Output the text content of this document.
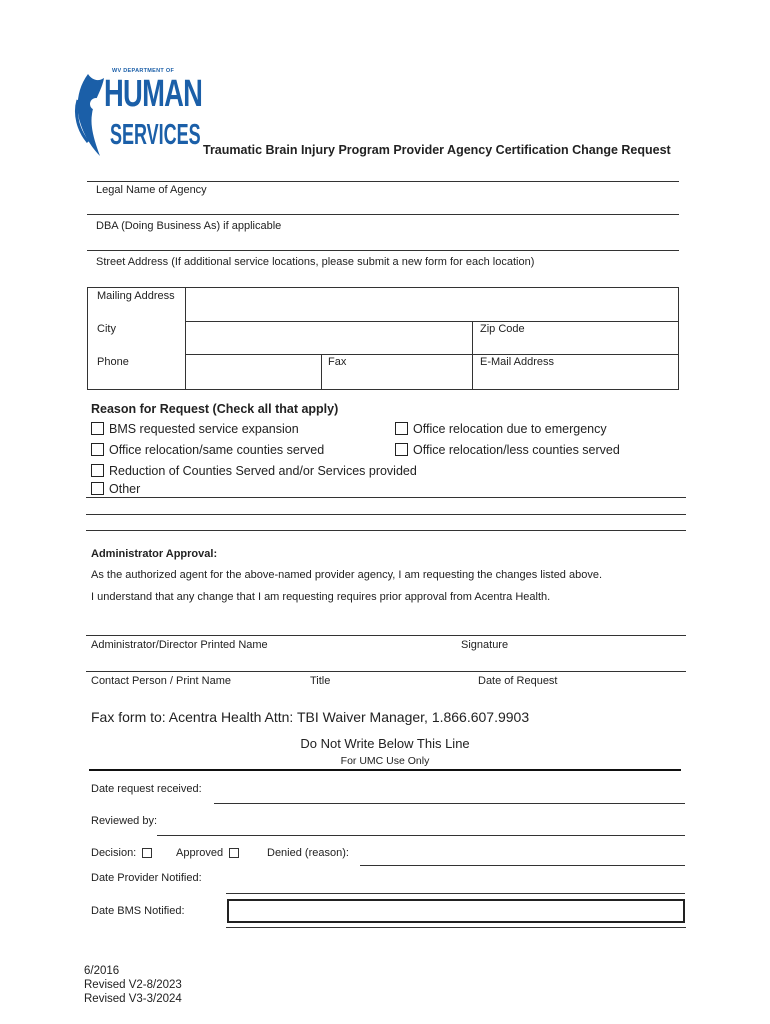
WV DEPARTMENT OF
HUMAN
SERVICES Traumatic Brain Injury Program Provider Agency Certification Change Request
Legal Name of Agency
DBA (Doing Business As) if applicable
Street Address (If additional service locations, please submit a new form for each location)
Mailing Address
City	Zip Code
Phone	Fax	E-Mail Address
Reason for Request (Check all that apply)
BMS requested service expansion	Office relocation due to emergency
Office relocation/same counties served	Office relocation/less counties served
Reduction of Counties Served and/or Services provided
Other
Administrator Approval:
As the authorized agent for the above-named provider agency, I am requesting the changes listed above.
I understand that any change that I am requesting requires prior approval from Acentra Health.
Administrator/Director Printed Name	Signature
Contact Person / Print Name	Title	Date of Request
Fax form to: Acentra Health Attn: TBI Waiver Manager, 1.866.607.9903
Do Not Write Below This Line
For UMC Use Only
Date request received:
Reviewed by:
Decision:	Approved	Denied (reason):
Date Provider Notified:
Date BMS Notified:
6/2016
Revised V2-8/2023
Revised V3-3/2024
